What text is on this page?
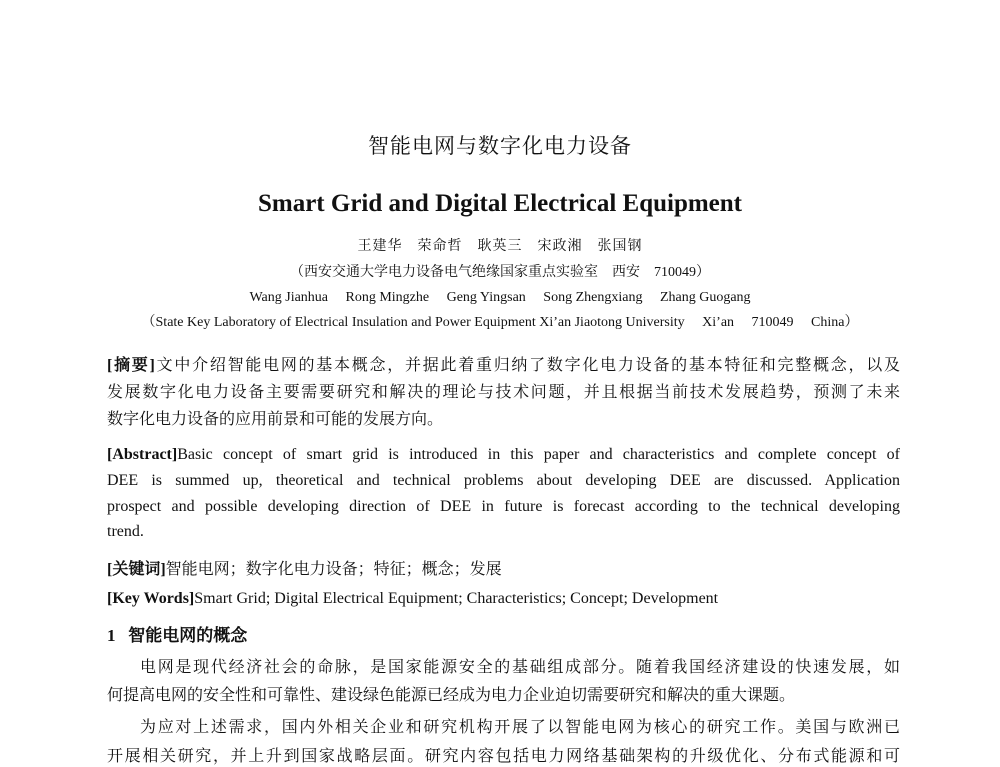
智能电网与数字化电力设备
Smart Grid and Digital Electrical Equipment
王建华　荣命哲　耿英三　宋政湘　张国钢
（西安交通大学电力设备电气绝缘国家重点实验室　西安　710049）
Wang Jianhua　 Rong Mingzhe　 Geng Yingsan　 Song Zhengxiang　 Zhang Guogang
（State Key Laboratory of Electrical Insulation and Power Equipment Xi’an Jiaotong University　 Xi’an　 710049　 China）
[摘要]文中介绍智能电网的基本概念，并据此着重归纳了数字化电力设备的基本特征和完整概念，以及
发展数字化电力设备主要需要研究和解决的理论与技术问题，并且根据当前技术发展趋势，预测了未来
数字化电力设备的应用前景和可能的发展方向。
[Abstract]Basic concept of smart grid is introduced in this paper and characteristics and complete concept of
DEE is summed up, theoretical and technical problems about developing DEE are discussed. Application
prospect and possible developing direction of DEE in future is forecast according to the technical developing
trend.
[关键词]智能电网；数字化电力设备；特征；概念；发展
[Key Words]Smart Grid; Digital Electrical Equipment; Characteristics; Concept; Development
1 智能电网的概念
电网是现代经济社会的命脉，是国家能源安全的基础组成部分。随着我国经济建设的快速发展，如
何提高电网的安全性和可靠性、建设绿色能源已经成为电力企业迫切需要研究和解决的重大课题。
为应对上述需求，国内外相关企业和研究机构开展了以智能电网为核心的研究工作。美国与欧洲已
开展相关研究，并上升到国家战略层面。研究内容包括电力网络基础架构的升级优化、分布式能源和可
